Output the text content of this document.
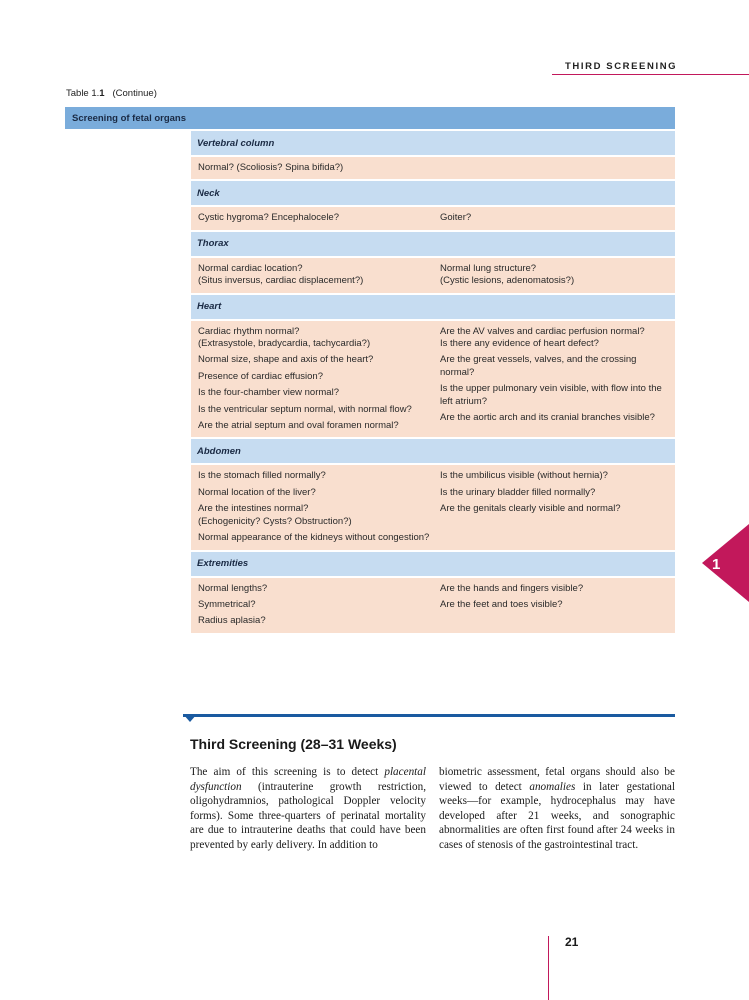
THIRD SCREENING
Table 1.1 (Continue)
Screening of fetal organs
Vertebral column
Normal? (Scoliosis? Spina bifida?)
Neck
Cystic hygroma? Encephalocele?	Goiter?
Thorax
Normal cardiac location?
(Situs inversus, cardiac displacement?)
Normal lung structure?
(Cystic lesions, adenomatosis?)
Heart
Cardiac rhythm normal?
(Extrasystole, bradycardia, tachycardia?)
Normal size, shape and axis of the heart?
Presence of cardiac effusion?
Is the four-chamber view normal?
Is the ventricular septum normal, with normal flow?
Are the atrial septum and oval foramen normal?
Are the AV valves and cardiac perfusion normal?
Is there any evidence of heart defect?
Are the great vessels, valves, and the crossing normal?
Is the upper pulmonary vein visible, with flow into the left atrium?
Are the aortic arch and its cranial branches visible?
Abdomen
Is the stomach filled normally?
Normal location of the liver?
Are the intestines normal?
(Echogenicity? Cysts? Obstruction?)
Normal appearance of the kidneys without congestion?
Is the umbilicus visible (without hernia)?
Is the urinary bladder filled normally?
Are the genitals clearly visible and normal?
Extremities
Normal lengths?
Symmetrical?
Radius aplasia?
Are the hands and fingers visible?
Are the feet and toes visible?
1
Third Screening (28–31 Weeks)
The aim of this screening is to detect placental dysfunction (intrauterine growth restriction, oligohydramnios, pathological Doppler velocity forms). Some three-quarters of perinatal mortality are due to intrauterine deaths that could have been prevented by early delivery. In addition to
biometric assessment, fetal organs should also be viewed to detect anomalies in later gestational weeks—for example, hydrocephalus may have developed after 21 weeks, and sonographic abnormalities are often first found after 24 weeks in cases of stenosis of the gastrointestinal tract.
21
